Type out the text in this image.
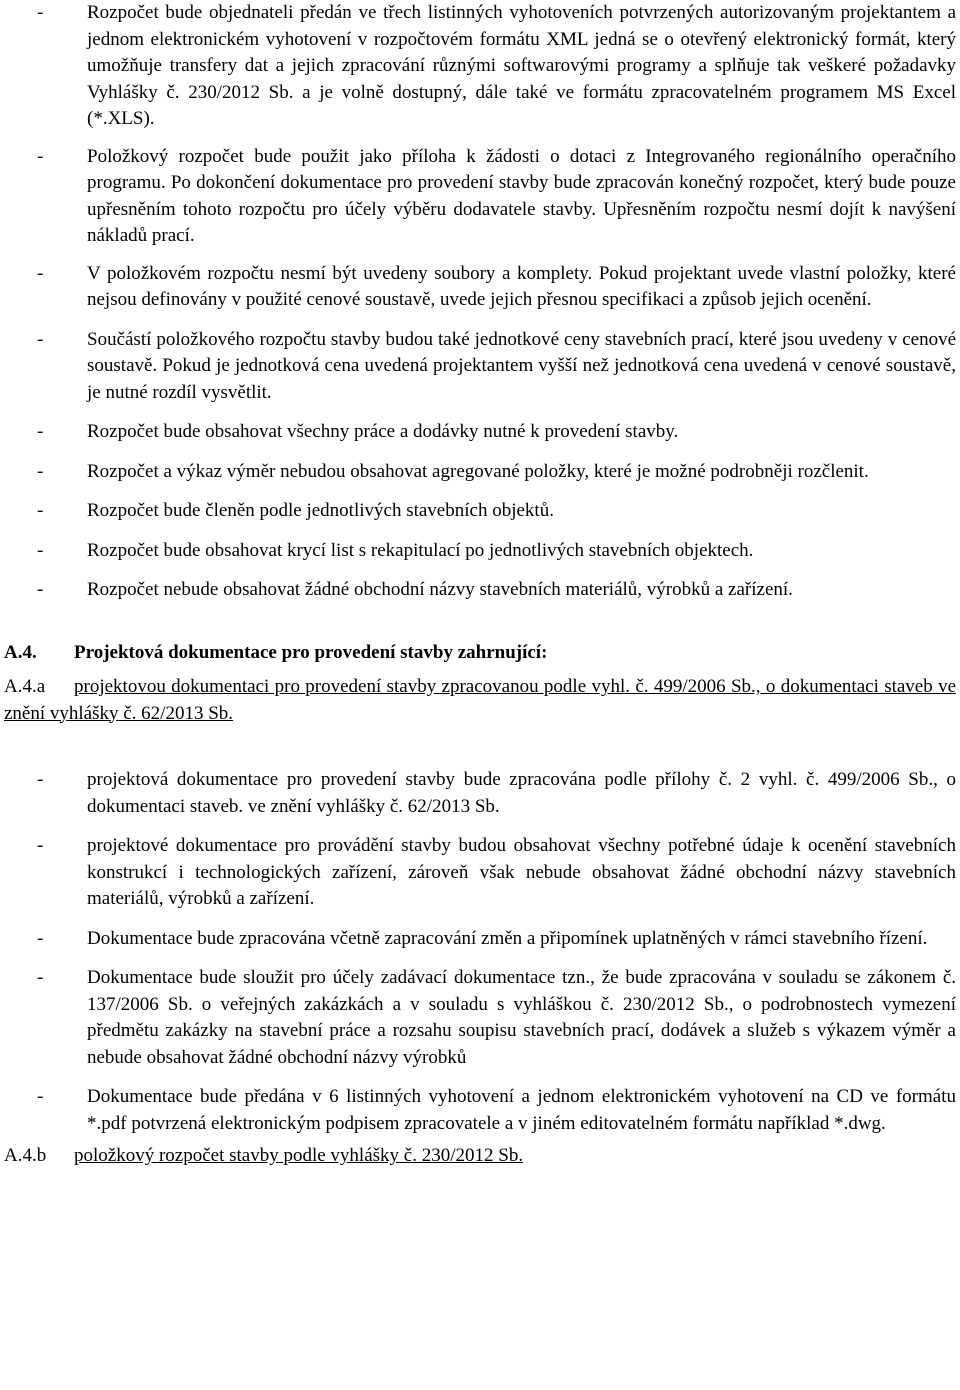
- Rozpočet bude objednateli předán ve třech listinných vyhotoveních potvrzených autorizovaným projektantem a jednom elektronickém vyhotovení v rozpočtovém formátu XML jedná se o otevřený elektronický formát, který umožňuje transfery dat a jejich zpracování různými softwarovými programy a splňuje tak veškeré požadavky Vyhlášky č. 230/2012 Sb. a je volně dostupný, dále také ve formátu zpracovatelném programem MS Excel (*.XLS).
- Položkový rozpočet bude použit jako příloha k žádosti o dotaci z Integrovaného regionálního operačního programu. Po dokončení dokumentace pro provedení stavby bude zpracován konečný rozpočet, který bude pouze upřesněním tohoto rozpočtu pro účely výběru dodavatele stavby. Upřesněním rozpočtu nesmí dojít k navýšení nákladů prací.
- V položkovém rozpočtu nesmí být uvedeny soubory a komplety. Pokud projektant uvede vlastní položky, které nejsou definovány v použité cenové soustavě, uvede jejich přesnou specifikaci a způsob jejich ocenění.
- Součástí položkového rozpočtu stavby budou také jednotkové ceny stavebních prací, které jsou uvedeny v cenové soustavě. Pokud je jednotková cena uvedená projektantem vyšší než jednotková cena uvedená v cenové soustavě, je nutné rozdíl vysvětlit.
- Rozpočet bude obsahovat všechny práce a dodávky nutné k provedení stavby.
- Rozpočet a výkaz výměr nebudou obsahovat agregované položky, které je možné podrobněji rozčlenit.
- Rozpočet bude členěn podle jednotlivých stavebních objektů.
- Rozpočet bude obsahovat krycí list s rekapitulací po jednotlivých stavebních objektech.
- Rozpočet nebude obsahovat žádné obchodní názvy stavebních materiálů, výrobků a zařízení.

A.4. Projektová dokumentace pro provedení stavby zahrnující:

A.4.a projektovou dokumentaci pro provedení stavby zpracovanou podle vyhl. č. 499/2006 Sb., o dokumentaci staveb ve znění vyhlášky č. 62/2013 Sb.

- projektová dokumentace pro provedení stavby bude zpracována podle přílohy č. 2 vyhl. č. 499/2006 Sb., o dokumentaci staveb. ve znění vyhlášky č. 62/2013 Sb.
- projektové dokumentace pro provádění stavby budou obsahovat všechny potřebné údaje k ocenění stavebních konstrukcí i technologických zařízení, zároveň však nebude obsahovat žádné obchodní názvy stavebních materiálů, výrobků a zařízení.
- Dokumentace bude zpracována včetně zapracování změn a připomínek uplatněných v rámci stavebního řízení.
- Dokumentace bude sloužit pro účely zadávací dokumentace tzn., že bude zpracována v souladu se zákonem č. 137/2006 Sb. o veřejných zakázkách a v souladu s vyhláškou č. 230/2012 Sb., o podrobnostech vymezení předmětu zakázky na stavební práce a rozsahu soupisu stavebních prací, dodávek a služeb s výkazem výměr a nebude obsahovat žádné obchodní názvy výrobků
- Dokumentace bude předána v 6 listinných vyhotovení a jednom elektronickém vyhotovení na CD ve formátu *.pdf potvrzená elektronickým podpisem zpracovatele a v jiném editovatelném formátu například *.dwg.

A.4.b položkový rozpočet stavby podle vyhlášky č. 230/2012 Sb.
